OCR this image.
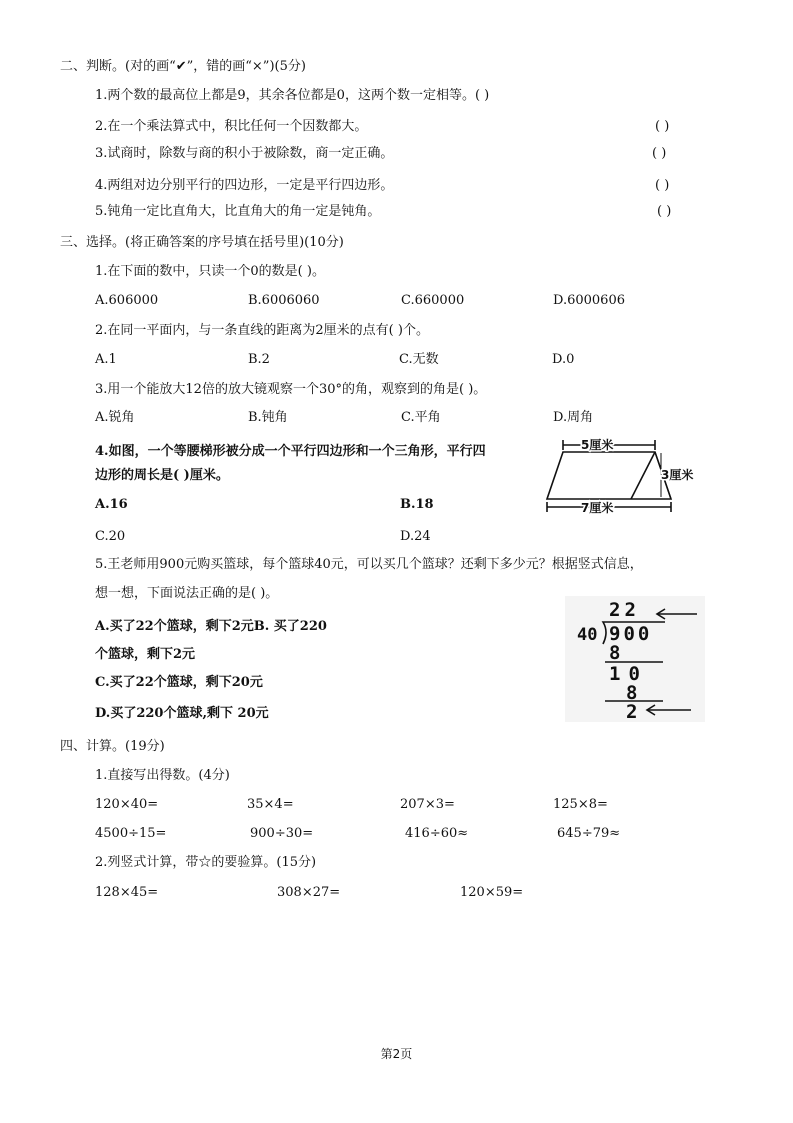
二、判断。(对的画“✔”，错的画“×”)(5分)
1.两个数的最高位上都是9，其余各位都是0，这两个数一定相等。( )
2.在一个乘法算式中，积比任何一个因数都大。	( )
3.试商时，除数与商的积小于被除数，商一定正确。	( )
4.两组对边分别平行的四边形，一定是平行四边形。	( )
5.钝角一定比直角大，比直角大的角一定是钝角。	( )
三、选择。(将正确答案的序号填在括号里)(10分)
1.在下面的数中，只读一个0的数是( )。
A.606000	B.6006060	C.660000	D.6000606
2.在同一平面内，与一条直线的距离为2厘米的点有( )个。
A.1	B.2	C.无数	D.0
3.用一个能放大12倍的放大镜观察一个30°的角，观察到的角是( )。
A.锐角	B.钝角	C.平角	D.周角
4.如图，一个等腰梯形被分成一个平行四边形和一个三角形，平行四
边形的周长是( )厘米。
A.16	B.18
C.20	D.24
5厘米
3厘米
7厘米
5.王老师用900元购买篮球，每个篮球40元，可以买几个篮球？还剩下多少元？根据竖式信息，
想一想，下面说法正确的是( )。
A.买了22个篮球，剩下2元B. 买了220
个篮球，剩下2元
C.买了22个篮球，剩下20元
D.买了220个篮球,剩下 20元
22
40 900
8
10
8
2
四、计算。(19分)
1.直接写出得数。(4分)
120×40=	35×4=	207×3=	125×8=
4500÷15=	900÷30=	416÷60≈	645÷79≈
2.列竖式计算，带☆的要验算。(15分)
128×45=	308×27=	120×59=
第2页
